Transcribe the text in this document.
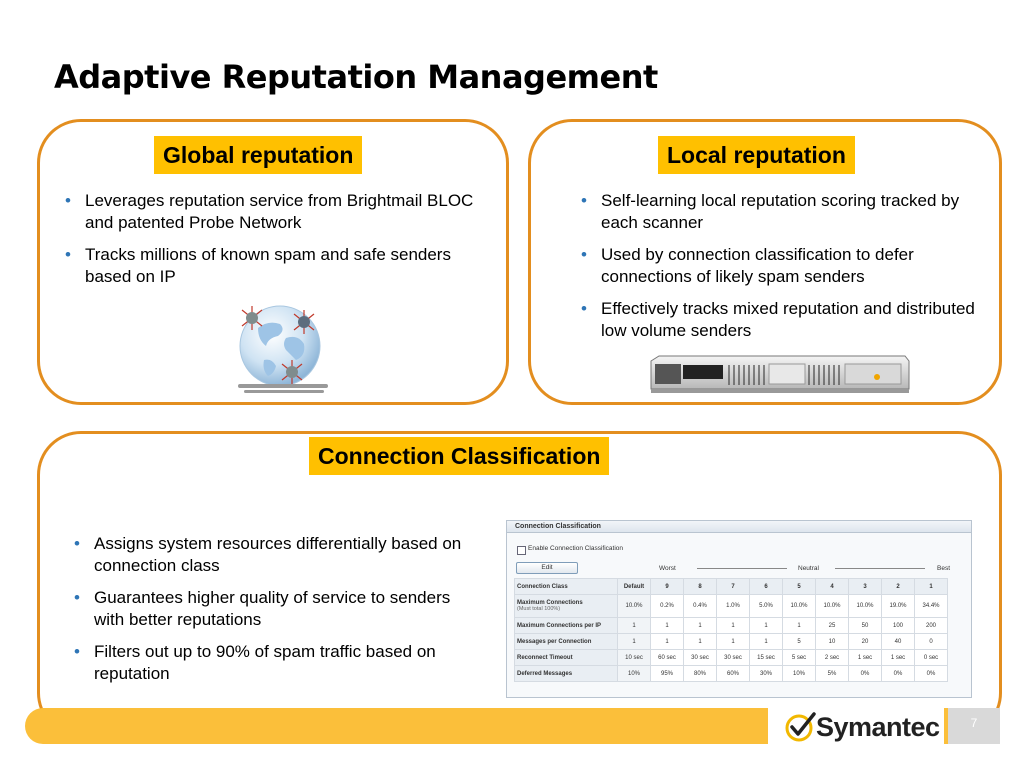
Adaptive Reputation Management
Global reputation
• Leverages reputation service from Brightmail BLOC and patented Probe Network
• Tracks millions of known spam and safe senders based on IP
Local reputation
• Self-learning local reputation scoring tracked by each scanner
• Used by connection classification to defer connections of likely spam senders
• Effectively tracks mixed reputation and distributed low volume senders
Connection Classification
• Assigns system resources differentially based on connection class
• Guarantees higher quality of service to senders with better reputations
• Filters out up to 90% of spam traffic based on reputation
Connection Classification
Enable Connection Classification
Edit	Worst	Neutral	Best
Connection Class	Default	9	8	7	6	5	4	3	2	1
Maximum Connections
(Must total 100%)	10.0%	0.2%	0.4%	1.0%	5.0%	10.0%	10.0%	10.0%	19.0%	34.4%
Maximum Connections per IP	1	1	1	1	1	1	25	50	100	200
Messages per Connection	1	1	1	1	1	5	10	20	40	0
Reconnect Timeout	10 sec	60 sec	30 sec	30 sec	15 sec	5 sec	2 sec	1 sec	1 sec	0 sec
Deferred Messages	10%	95%	80%	60%	30%	10%	5%	0%	0%	0%
Symantec	7
